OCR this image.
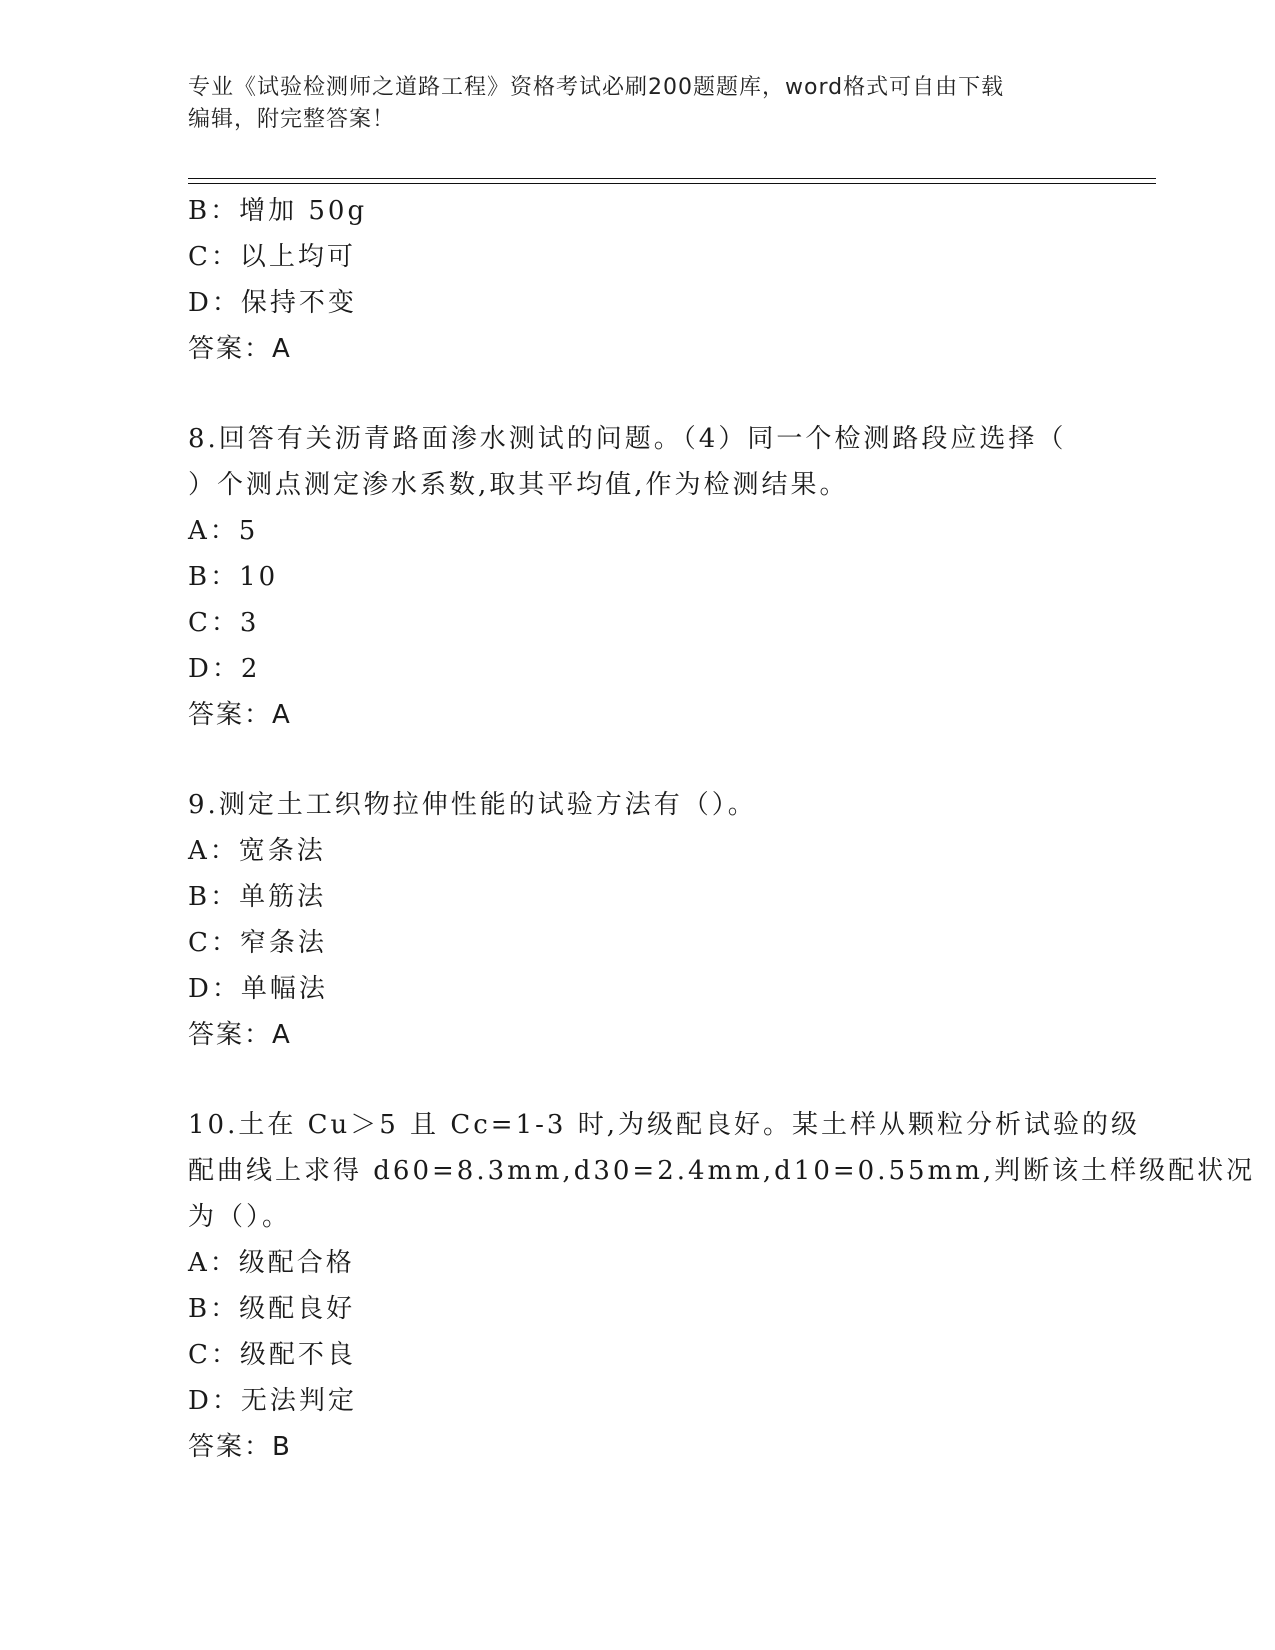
专业《试验检测师之道路工程》资格考试必刷200题题库，word格式可自由下载
编辑，附完整答案！
B：增加 50g
C：以上均可
D：保持不变
答案：A
8.回答有关沥青路面渗水测试的问题。（4）同一个检测路段应选择（
）个测点测定渗水系数,取其平均值,作为检测结果。
A：5
B：10
C：3
D：2
答案：A
9.测定土工织物拉伸性能的试验方法有（）。
A：宽条法
B：单筋法
C：窄条法
D：单幅法
答案：A
10.土在 Cu＞5 且 Cc=1-3 时,为级配良好。某土样从颗粒分析试验的级
配曲线上求得 d60=8.3mm,d30=2.4mm,d10=0.55mm,判断该土样级配状况
为（）。
A：级配合格
B：级配良好
C：级配不良
D：无法判定
答案：B
